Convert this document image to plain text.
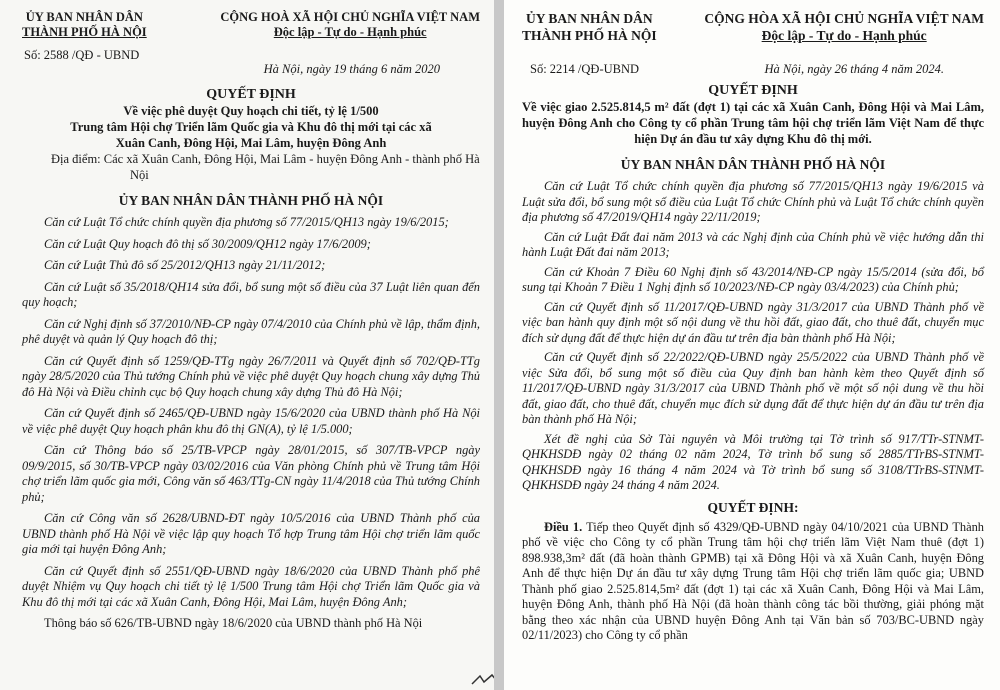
ỦY BAN NHÂN DÂN
THÀNH PHỐ HÀ NỘI
CỘNG HOÀ XÃ HỘI CHỦ NGHĨA VIỆT NAM
Độc lập - Tự do - Hạnh phúc
Số: 2588 /QĐ - UBND
Hà Nội, ngày 19 tháng 6 năm 2020
QUYẾT ĐỊNH
Về việc phê duyệt Quy hoạch chi tiết, tỷ lệ 1/500
Trung tâm Hội chợ Triển lãm Quốc gia và Khu đô thị mới tại các xã
Xuân Canh, Đông Hội, Mai Lâm, huyện Đông Anh
Địa điểm: Các xã Xuân Canh, Đông Hội, Mai Lâm - huyện Đông Anh - thành phố Hà Nội
ỦY BAN NHÂN DÂN THÀNH PHỐ HÀ NỘI

Căn cứ Luật Tổ chức chính quyền địa phương số 77/2015/QH13 ngày 19/6/2015;

Căn cứ Luật Quy hoạch đô thị số 30/2009/QH12 ngày 17/6/2009;

Căn cứ Luật Thủ đô số 25/2012/QH13 ngày 21/11/2012;

Căn cứ Luật số 35/2018/QH14 sửa đổi, bổ sung một số điều của 37 Luật liên quan đến quy hoạch;

Căn cứ Nghị định số 37/2010/NĐ-CP ngày 07/4/2010 của Chính phủ về lập, thẩm định, phê duyệt và quản lý Quy hoạch đô thị;

Căn cứ Quyết định số 1259/QĐ-TTg ngày 26/7/2011 và Quyết định số 702/QĐ-TTg ngày 28/5/2020 của Thủ tướng Chính phủ về việc phê duyệt Quy hoạch chung xây dựng Thủ đô Hà Nội và Điều chỉnh cục bộ Quy hoạch chung xây dựng Thủ đô Hà Nội;

Căn cứ Quyết định số 2465/QĐ-UBND ngày 15/6/2020 của UBND thành phố Hà Nội về việc phê duyệt Quy hoạch phân khu đô thị GN(A), tỷ lệ 1/5.000;

Căn cứ Thông báo số 25/TB-VPCP ngày 28/01/2015, số 307/TB-VPCP ngày 09/9/2015, số 30/TB-VPCP ngày 03/02/2016 của Văn phòng Chính phủ về Trung tâm Hội chợ triển lãm quốc gia mới, Công văn số 463/TTg-CN ngày 11/4/2018 của Thủ tướng Chính phủ;

Căn cứ Công văn số 2628/UBND-ĐT ngày 10/5/2016 của UBND Thành phố của UBND thành phố Hà Nội về việc lập quy hoạch Tổ hợp Trung tâm Hội chợ triển lãm quốc gia mới tại huyện Đông Anh;

Căn cứ Quyết định số 2551/QĐ-UBND ngày 18/6/2020 của UBND Thành phố phê duyệt Nhiệm vụ Quy hoạch chi tiết tỷ lệ 1/500 Trung tâm Hội chợ Triển lãm Quốc gia và Khu đô thị mới tại các xã Xuân Canh, Đông Hội, Mai Lâm, huyện Đông Anh;

Thông báo số 626/TB-UBND ngày 18/6/2020 của UBND thành phố Hà Nội

ỦY BAN NHÂN DÂN
THÀNH PHỐ HÀ NỘI
CỘNG HÒA XÃ HỘI CHỦ NGHĨA VIỆT NAM
Độc lập - Tự do - Hạnh phúc
Số: 2214 /QĐ-UBND	Hà Nội, ngày 26 tháng 4 năm 2024.
QUYẾT ĐỊNH
Về việc giao 2.525.814,5 m² đất (đợt 1) tại các xã Xuân Canh, Đông Hội và Mai Lâm, huyện Đông Anh cho Công ty cổ phần Trung tâm hội chợ triển lãm Việt Nam để thực hiện Dự án đầu tư xây dựng Khu đô thị mới.
ỦY BAN NHÂN DÂN THÀNH PHỐ HÀ NỘI

Căn cứ Luật Tổ chức chính quyền địa phương số 77/2015/QH13 ngày 19/6/2015 và Luật sửa đổi, bổ sung một số điều của Luật Tổ chức Chính phủ và Luật Tổ chức chính quyền địa phương số 47/2019/QH14 ngày 22/11/2019;

Căn cứ Luật Đất đai năm 2013 và các Nghị định của Chính phủ về việc hướng dẫn thi hành Luật Đất đai năm 2013;

Căn cứ Khoản 7 Điều 60 Nghị định số 43/2014/NĐ-CP ngày 15/5/2014 (sửa đổi, bổ sung tại Khoản 7 Điều 1 Nghị định số 10/2023/NĐ-CP ngày 03/4/2023) của Chính phủ;

Căn cứ Quyết định số 11/2017/QĐ-UBND ngày 31/3/2017 của UBND Thành phố về việc ban hành quy định một số nội dung về thu hồi đất, giao đất, cho thuê đất, chuyển mục đích sử dụng đất để thực hiện dự án đầu tư trên địa bàn thành phố Hà Nội;

Căn cứ Quyết định số 22/2022/QĐ-UBND ngày 25/5/2022 của UBND Thành phố về việc Sửa đổi, bổ sung một số điều của Quy định ban hành kèm theo Quyết định số 11/2017/QĐ-UBND ngày 31/3/2017 của UBND Thành phố về một số nội dung về thu hồi đất, giao đất, cho thuê đất, chuyển mục đích sử dụng đất để thực hiện dự án đầu tư trên địa bàn thành phố Hà Nội;

Xét đề nghị của Sở Tài nguyên và Môi trường tại Tờ trình số 917/TTr-STNMT-QHKHSDĐ ngày 02 tháng 02 năm 2024, Tờ trình bổ sung số 2885/TTrBS-STNMT-QHKHSDĐ ngày 16 tháng 4 năm 2024 và Tờ trình bổ sung số 3108/TTrBS-STNMT-QHKHSDĐ ngày 24 tháng 4 năm 2024.

QUYẾT ĐỊNH:

Điều 1. Tiếp theo Quyết định số 4329/QĐ-UBND ngày 04/10/2021 của UBND Thành phố về việc cho Công ty cổ phần Trung tâm hội chợ triển lãm Việt Nam thuê (đợt 1) 898.938,3m² đất (đã hoàn thành GPMB) tại xã Đông Hội và xã Xuân Canh, huyện Đông Anh để thực hiện Dự án đầu tư xây dựng Trung tâm Hội chợ triển lãm quốc gia; UBND Thành phố giao 2.525.814,5m² đất (đợt 1) tại các xã Xuân Canh, Đông Hội và Mai Lâm, huyện Đông Anh, thành phố Hà Nội (đã hoàn thành công tác bồi thường, giải phóng mặt bằng theo xác nhận của UBND huyện Đông Anh tại Văn bản số 703/BC-UBND ngày 02/11/2023) cho Công ty cổ phần
